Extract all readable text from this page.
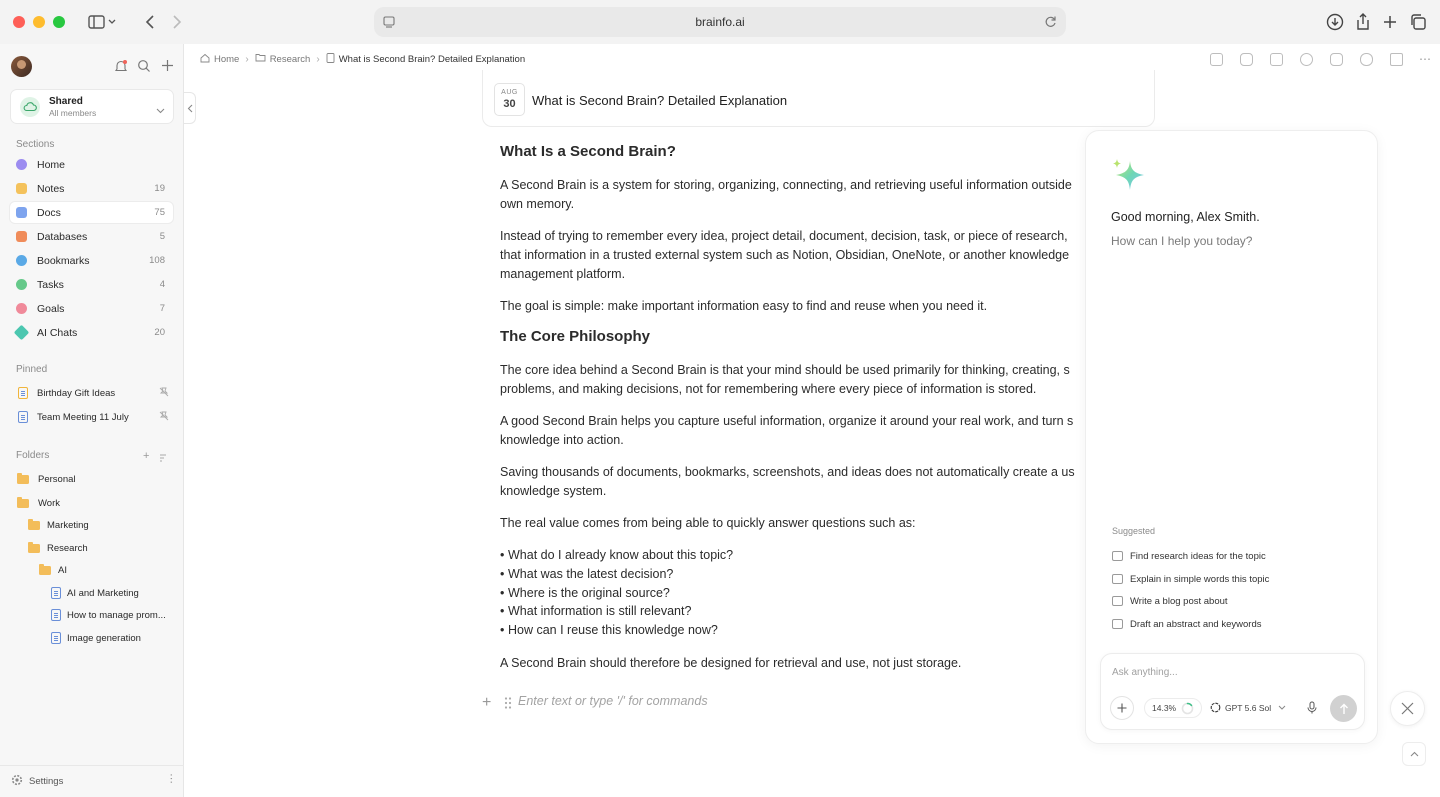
brainfo.ai
Shared
All members
Sections
Home
Notes	19
Docs	75
Databases	5
Bookmarks	108
Tasks	4
Goals	7
AI Chats	20
Pinned
Birthday Gift Ideas
Team Meeting 11 July
Folders	+
Personal
Work
Marketing
Research
AI
AI and Marketing
How to manage prom...
Image generation
Settings	⋯
Home › Research › What is Second Brain? Detailed Explanation	⋯
AUG
30	What is Second Brain? Detailed Explanation
What Is a Second Brain?

A Second Brain is a system for storing, organizing, connecting, and retrieving useful information outside

own memory.

Instead of trying to remember every idea, project detail, document, decision, task, or piece of research,

that information in a trusted external system such as Notion, Obsidian, OneNote, or another knowledge

management platform.

The goal is simple: make important information easy to find and reuse when you need it.

The Core Philosophy

The core idea behind a Second Brain is that your mind should be used primarily for thinking, creating, s

problems, and making decisions, not for remembering where every piece of information is stored.

A good Second Brain helps you capture useful information, organize it around your real work, and turn s

knowledge into action.

Saving thousands of documents, bookmarks, screenshots, and ideas does not automatically create a us

knowledge system.

The real value comes from being able to quickly answer questions such as:

• What do I already know about this topic?
• What was the latest decision?
• Where is the original source?
• What information is still relevant?
• How can I reuse this knowledge now?

A Second Brain should therefore be designed for retrieval and use, not just storage.

+ Enter text or type '/' for commands
Good morning, Alex Smith.
How can I help you today?
Suggested
Find research ideas for the topic
Explain in simple words this topic
Write a blog post about
Draft an abstract and keywords
Ask anything...
14.3%	GPT 5.6 Sol
